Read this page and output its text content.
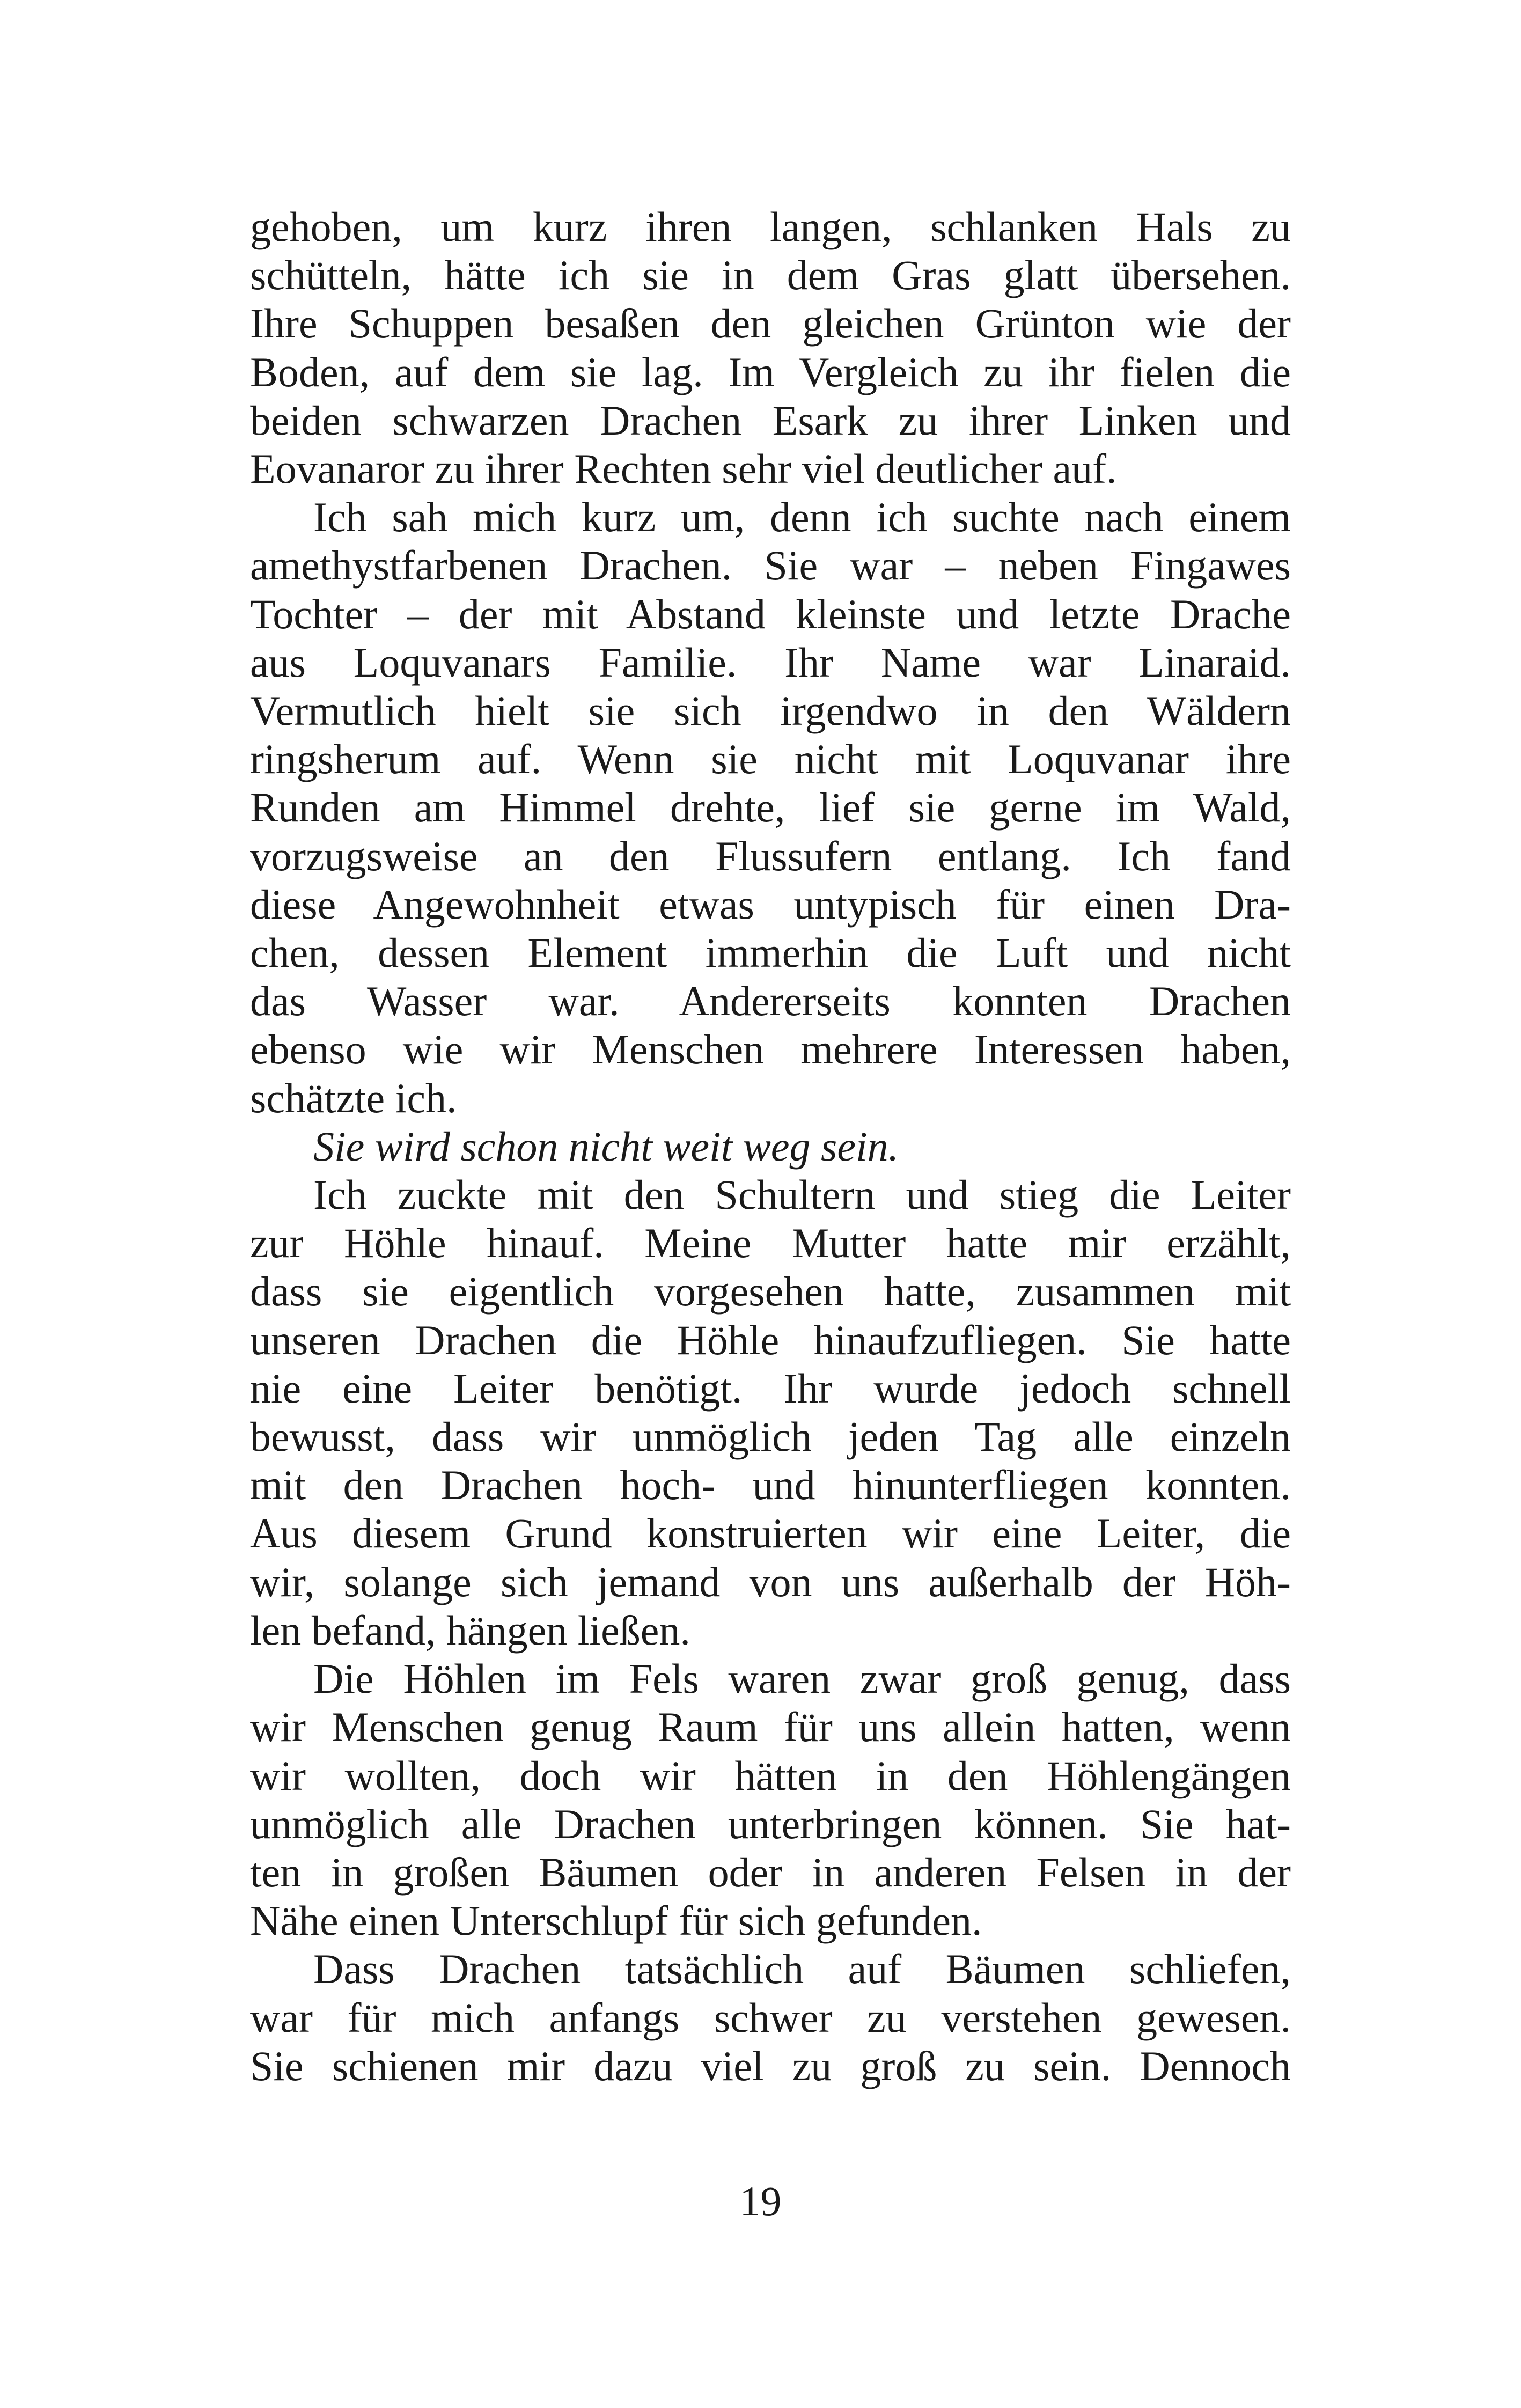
gehoben, um kurz ihren langen, schlanken Hals zu
schütteln, hätte ich sie in dem Gras glatt übersehen.
Ihre Schuppen besaßen den gleichen Grünton wie der
Boden, auf dem sie lag. Im Vergleich zu ihr fielen die
beiden schwarzen Drachen Esark zu ihrer Linken und
Eovanaror zu ihrer Rechten sehr viel deutlicher auf.

Ich sah mich kurz um, denn ich suchte nach einem
amethystfarbenen Drachen. Sie war – neben Fingawes
Tochter – der mit Abstand kleinste und letzte Drache
aus Loquvanars Familie. Ihr Name war Linaraid.
Vermutlich hielt sie sich irgendwo in den Wäldern
ringsherum auf. Wenn sie nicht mit Loquvanar ihre
Runden am Himmel drehte, lief sie gerne im Wald,
vorzugsweise an den Flussufern entlang. Ich fand
diese Angewohnheit etwas untypisch für einen Dra-
chen, dessen Element immerhin die Luft und nicht
das Wasser war. Andererseits konnten Drachen
ebenso wie wir Menschen mehrere Interessen haben,
schätzte ich.

Sie wird schon nicht weit weg sein.

Ich zuckte mit den Schultern und stieg die Leiter
zur Höhle hinauf. Meine Mutter hatte mir erzählt,
dass sie eigentlich vorgesehen hatte, zusammen mit
unseren Drachen die Höhle hinaufzufliegen. Sie hatte
nie eine Leiter benötigt. Ihr wurde jedoch schnell
bewusst, dass wir unmöglich jeden Tag alle einzeln
mit den Drachen hoch- und hinunterfliegen konnten.
Aus diesem Grund konstruierten wir eine Leiter, die
wir, solange sich jemand von uns außerhalb der Höh-
len befand, hängen ließen.

Die Höhlen im Fels waren zwar groß genug, dass
wir Menschen genug Raum für uns allein hatten, wenn
wir wollten, doch wir hätten in den Höhlengängen
unmöglich alle Drachen unterbringen können. Sie hat-
ten in großen Bäumen oder in anderen Felsen in der
Nähe einen Unterschlupf für sich gefunden.

Dass Drachen tatsächlich auf Bäumen schliefen,
war für mich anfangs schwer zu verstehen gewesen.
Sie schienen mir dazu viel zu groß zu sein. Dennoch

19
